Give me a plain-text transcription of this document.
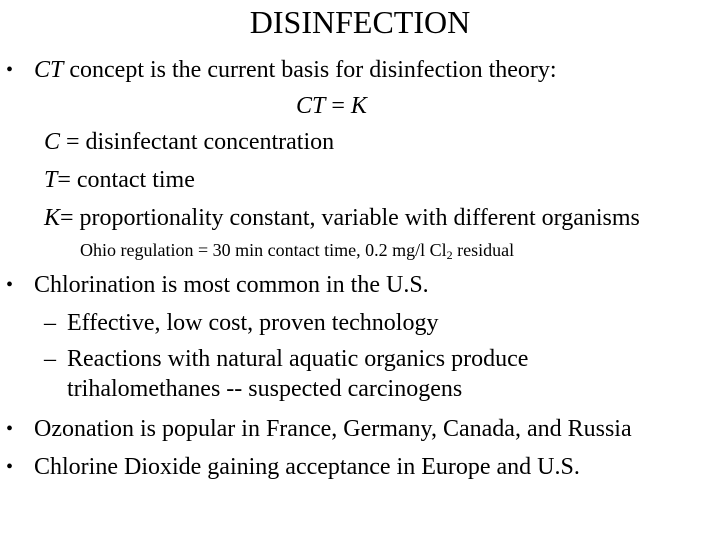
DISINFECTION
• CT concept is the current basis for disinfection theory:
CT = K
C = disinfectant concentration
T= contact time
K= proportionality constant, variable with different organisms
Ohio regulation = 30 min contact time, 0.2 mg/l $Cl_2$ residual
• Chlorination is most common in the U.S.
– Effective, low cost, proven technology
– Reactions with natural aquatic organics produce
trihalomethanes -- suspected carcinogens
• Ozonation is popular in France, Germany, Canada, and Russia
• Chlorine Dioxide gaining acceptance in Europe and U.S.
